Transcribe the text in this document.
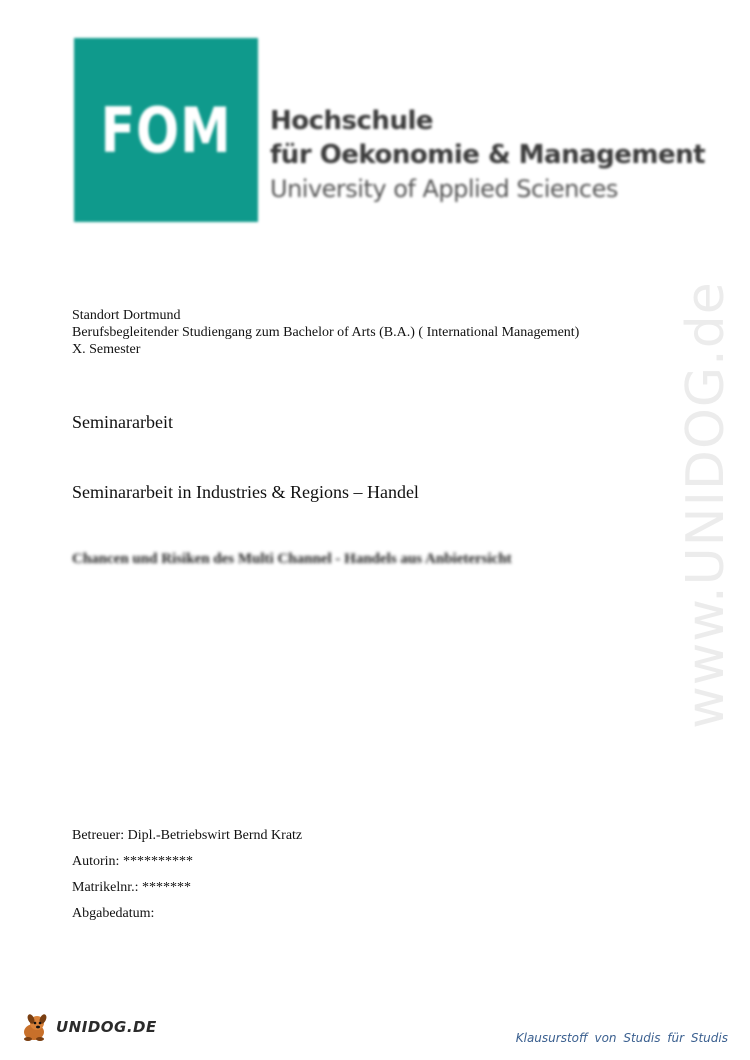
FOM	Hochschule
für Oekonomie & Management
University of Applied Sciences
Standort Dortmund
Berufsbegleitender Studiengang zum Bachelor of Arts (B.A.) ( International Management)
X. Semester
Seminararbeit
Seminararbeit in Industries & Regions – Handel
Chancen und Risiken des Multi Channel - Handels aus Anbietersicht
Betreuer: Dipl.-Betriebswirt Bernd Kratz
Autorin: **********
Matrikelnr.: *******
Abgabedatum:
www.UNIDOG.de
UNIDOG.DE
Klausurstoff von Studis für Studis
